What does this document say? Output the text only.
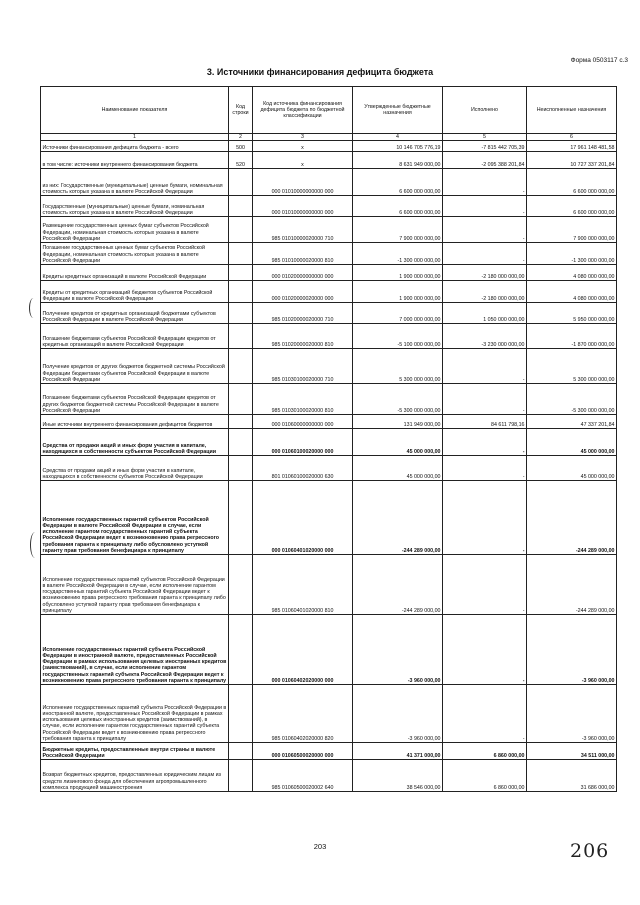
Форма 0503117 с.3
3. Источники финансирования дефицита бюджета
Наименование показателя	Код строки	Код источника финансирования дефицита бюджета по бюджетной классификации	Утвержденные бюджетные назначения	Исполнено	Неисполненные назначения
1	2	3	4	5	6
Источники финансирования дефицита бюджета - всего	500	x	10 146 705 776,19	-7 815 442 705,39	17 961 148 481,58
в том числе: источники внутреннего финансирования бюджета	520	x	8 631 949 000,00	-2 095 388 201,84	10 727 337 201,84
из них: Государственные (муниципальные) ценные бумаги, номинальная стоимость которых указана в валюте Российской Федерации		000 01010000000000 000	6 600 000 000,00	-	6 600 000 000,00
Государственные (муниципальные) ценные бумаги, номинальная стоимость которых указана в валюте Российской Федерации		000 01010000000000 000	6 600 000 000,00	-	6 600 000 000,00
Размещение государственных ценных бумаг субъектов Российской Федерации, номинальная стоимость которых указана в валюте Российской Федерации		985 01010000020000 710	7 900 000 000,00	-	7 900 000 000,00
Погашение государственных ценных бумаг субъектов Российской Федерации, номинальная стоимость которых указана в валюте Российской Федерации		985 01010000020000 810	-1 300 000 000,00	-	-1 300 000 000,00
Кредиты кредитных организаций в валюте Российской Федерации		000 01020000000000 000	1 900 000 000,00	-2 180 000 000,00	4 080 000 000,00
Кредиты от кредитных организаций бюджетов субъектов Российской Федерации в валюте Российской Федерации		000 01020000020000 000	1 900 000 000,00	-2 180 000 000,00	4 080 000 000,00
Получение кредитов от кредитных организаций бюджетами субъектов Российской Федерации в валюте Российской Федерации		985 01020000020000 710	7 000 000 000,00	1 050 000 000,00	5 950 000 000,00
Погашение бюджетами субъектов Российской Федерации кредитов от кредитных организаций в валюте Российской Федерации		985 01020000020000 810	-5 100 000 000,00	-3 230 000 000,00	-1 870 000 000,00
Получение кредитов от других бюджетов бюджетной системы Российской Федерации бюджетами субъектов Российской Федерации в валюте Российской Федерации		985 01030100020000 710	5 300 000 000,00	-	5 300 000 000,00
Погашение бюджетами субъектов Российской Федерации кредитов от других бюджетов бюджетной системы Российской Федерации в валюте Российской Федерации		985 01030100020000 810	-5 300 000 000,00	-	-5 300 000 000,00
Иные источники внутреннего финансирования дефицитов бюджетов		000 01060000000000 000	131 949 000,00	84 611 798,16	47 337 201,84
Средства от продажи акций и иных форм участия в капитале, находящихся в собственности субъектов Российской Федерации		000 01060100020000 000	45 000 000,00	-	45 000 000,00
Средства от продажи акций и иных форм участия в капитале, находящихся в собственности субъектов Российской Федерации		801 01060100020000 630	45 000 000,00	-	45 000 000,00
Исполнение государственных гарантий субъектов Российской Федерации в валюте Российской Федерации в случае, если исполнение гарантом государственных гарантий субъекта Российской Федерации ведет к возникновению права регрессного требования гаранта к принципалу либо обусловлено уступкой гаранту прав требования бенефициара к принципалу		000 01060401020000 000	-244 289 000,00	-	-244 289 000,00
Исполнение государственных гарантий субъектов Российской Федерации в валюте Российской Федерации в случае, если исполнение гарантом государственных гарантий субъекта Российской Федерации ведет к возникновению права регрессного требования гаранта к принципалу либо обусловлено уступкой гаранту прав требования бенефициара к принципалу		985 01060401020000 810	-244 289 000,00	-	-244 289 000,00
Исполнение государственных гарантий субъекта Российской Федерации в иностранной валюте, предоставленных Российской Федерации в рамках использования целевых иностранных кредитов (заимствований), в случае, если исполнение гарантом государственных гарантий субъекта Российской Федерации ведет к возникновению права регрессного требования гаранта к принципалу		000 01060402020000 000	-3 960 000,00	-	-3 960 000,00
Исполнение государственных гарантий субъекта Российской Федерации в иностранной валюте, предоставленных Российской Федерации в рамках использования целевых иностранных кредитов (заимствований), в случае, если исполнение гарантом государственных гарантий субъекта Российской Федерации ведет к возникновению права регрессного требования гаранта к принципалу		985 01060402020000 820	-3 960 000,00	-	-3 960 000,00
Бюджетные кредиты, предоставленные внутри страны в валюте Российской Федерации		000 01060500020000 000	41 371 000,00	6 860 000,00	34 511 000,00
Возврат бюджетных кредитов, предоставленных юридическим лицам из средств лизингового фонда для обеспечения агропромышленного комплекса продукцией машиностроения		985 01060500020002 640	38 546 000,00	6 860 000,00	31 686 000,00
203	206
